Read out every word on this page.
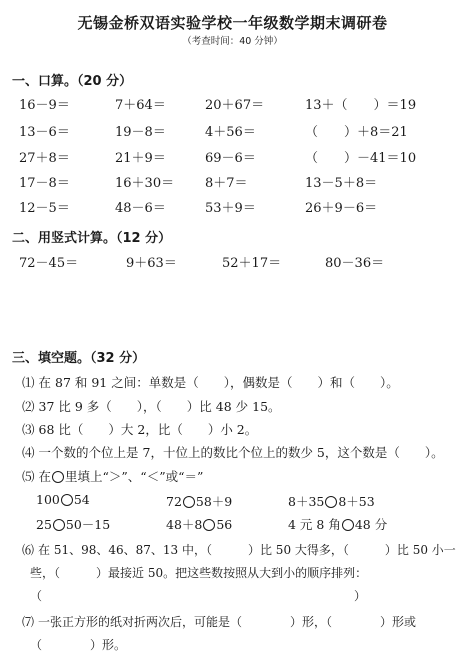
无锡金桥双语实验学校一年级数学期末调研卷
（考查时间：40 分钟）
一、口算。（20 分）
16－9＝	7＋64＝	20＋67＝	13＋（　　）＝19
13－6＝	19－8＝	4＋56＝	（　　）＋8＝21
27＋8＝	21＋9＝	69－6＝	（　　）－41＝10
17－8＝	16＋30＝ 8＋7＝	13－5＋8＝
12－5＝	48－6＝	53＋9＝	26＋9－6＝
二、用竖式计算。（12 分）
72－45＝	9＋63＝	52＋17＝	80－36＝
三、填空题。（32 分）
⑴ 在 87 和 91 之间：单数是（　　），偶数是（　　）和（　　）。
⑵ 37 比 9 多（　　），（　　）比 48 少 15。
⑶ 68 比（　　）大 2，比（　　）小 2。
⑷ 一个数的个位上是 7，十位上的数比个位上的数少 5，这个数是（　　）。
⑸ 在 里填上“＞”、“＜”或“＝”
100 54	72 58＋9	8＋35 8＋53
25 50－15	48＋8 56	4 元 8 角 48 分
⑹ 在 51、98、46、87、13 中，（　　　）比 50 大得多，（　　　）比 50 小一
些，（　　　）最接近 50。把这些数按照从大到小的顺序排列：
（　　　　　　　　　　　　　　　　　　　　　　　　　　）
⑺ 一张正方形的纸对折两次后，可能是（　　　　）形，（　　　　）形或
（　　　　）形。
